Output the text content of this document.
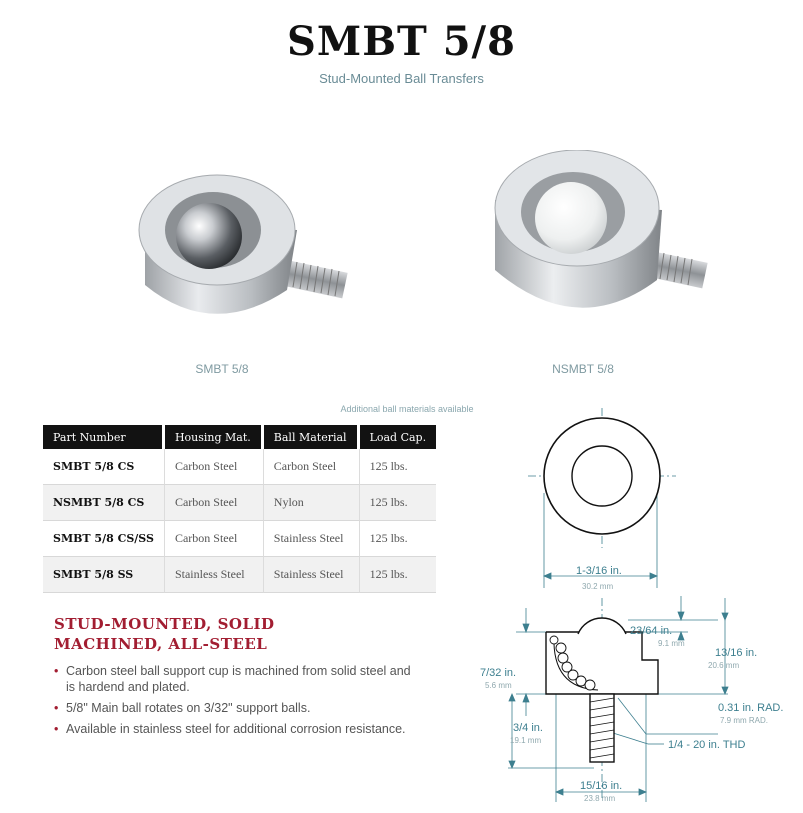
SMBT 5/8
Stud-Mounted Ball Transfers
SMBT 5/8	NSMBT 5/8
Additional ball materials available
Part Number	Housing Mat.	Ball Material	Load Cap.
SMBT 5/8 CS	Carbon Steel	Carbon Steel	125 lbs.
NSMBT 5/8 CS	Carbon Steel	Nylon	125 lbs.
SMBT 5/8 CS/SS	Carbon Steel	Stainless Steel	125 lbs.
SMBT 5/8 SS	Stainless Steel	Stainless Steel	125 lbs.
STUD-MOUNTED, SOLID
MACHINED, ALL-STEEL
• Carbon steel ball support cup is machined from solid steel and is hardend and plated.
• 5/8" Main ball rotates on 3/32" support balls.
• Available in stainless steel for additional corrosion resistance.
1-3/16 in.
30.2 mm
23/64 in.
9.1 mm
13/16 in.
20.6 mm
7/32 in.
5.6 mm
0.31 in. RAD.
7.9 mm RAD.
3/4 in.
19.1 mm	1/4 - 20 in. THD
15/16 in.
23.8 mm
